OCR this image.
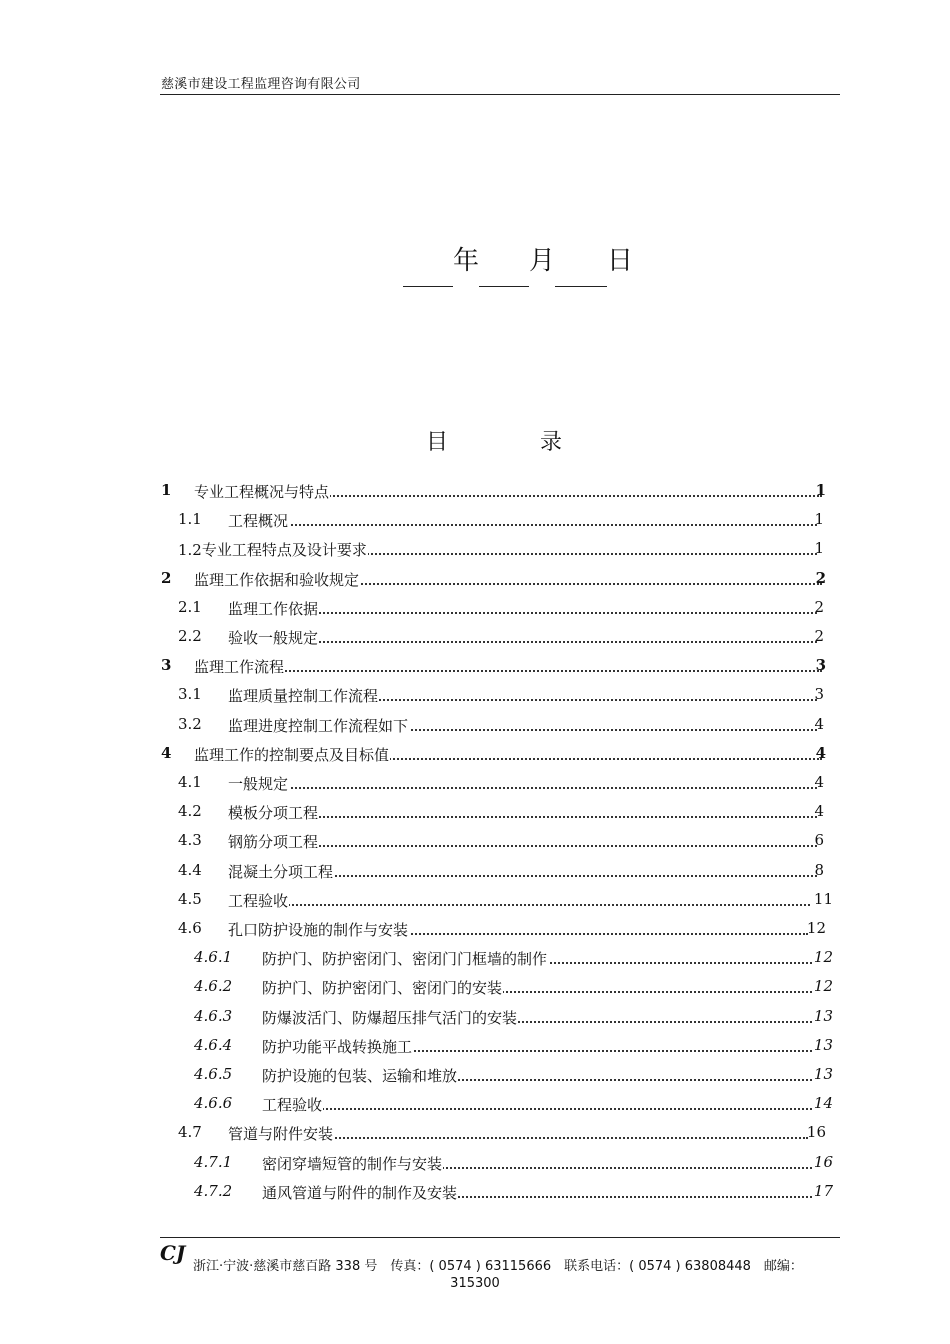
慈溪市建设工程监理咨询有限公司
年 月 日
目	录
1 专业工程概况与特点	1
1.1 工程概况	1
1.2专业工程特点及设计要求	1
2 监理工作依据和验收规定	2
2.1 监理工作依据	2
2.2 验收一般规定	2
3 监理工作流程	3
3.1 监理质量控制工作流程	3
3.2 监理进度控制工作流程如下	4
4 监理工作的控制要点及目标值	4
4.1 一般规定	4
4.2 模板分项工程	4
4.3 钢筋分项工程	6
4.4 混凝土分项工程	8
4.5 工程验收	11
4.6 孔口防护设施的制作与安装	12
4.6.1 防护门、防护密闭门、密闭门门框墙的制作	12
4.6.2 防护门、防护密闭门、密闭门的安装	12
4.6.3 防爆波活门、防爆超压排气活门的安装	13
4.6.4 防护功能平战转换施工	13
4.6.5 防护设施的包装、运输和堆放	13
4.6.6 工程验收	14
4.7 管道与附件安装	16
4.7.1 密闭穿墙短管的制作与安装	16
4.7.2 通风管道与附件的制作及安装	17
CJ
浙江·宁波·慈溪市慈百路 338 号　传真：( 0574 ) 63115666　联系电话：( 0574 ) 63808448　邮编：
315300
